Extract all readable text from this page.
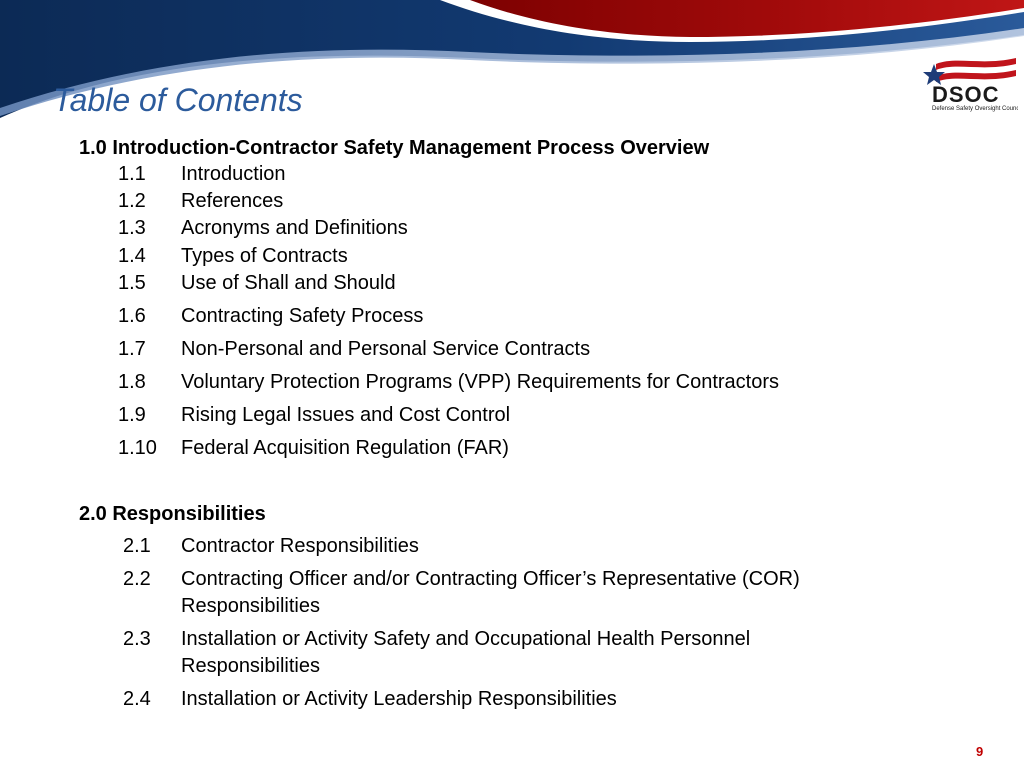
Table of Contents	DSOC
Defense Safety Oversight Council
1.0 Introduction-Contractor Safety Management Process Overview
1.1 Introduction
1.2 References
1.3 Acronyms and Definitions
1.4 Types of Contracts
1.5 Use of Shall and Should
1.6 Contracting Safety Process
1.7 Non-Personal and Personal Service Contracts
1.8 Voluntary Protection Programs (VPP) Requirements for Contractors
1.9 Rising Legal Issues and Cost Control
1.10 Federal Acquisition Regulation (FAR)
2.0 Responsibilities
2.1 Contractor Responsibilities
2.2 Contracting Officer and/or Contracting Officer’s Representative (COR) Responsibilities
2.3 Installation or Activity Safety and Occupational Health Personnel Responsibilities
2.4 Installation or Activity Leadership Responsibilities
9
